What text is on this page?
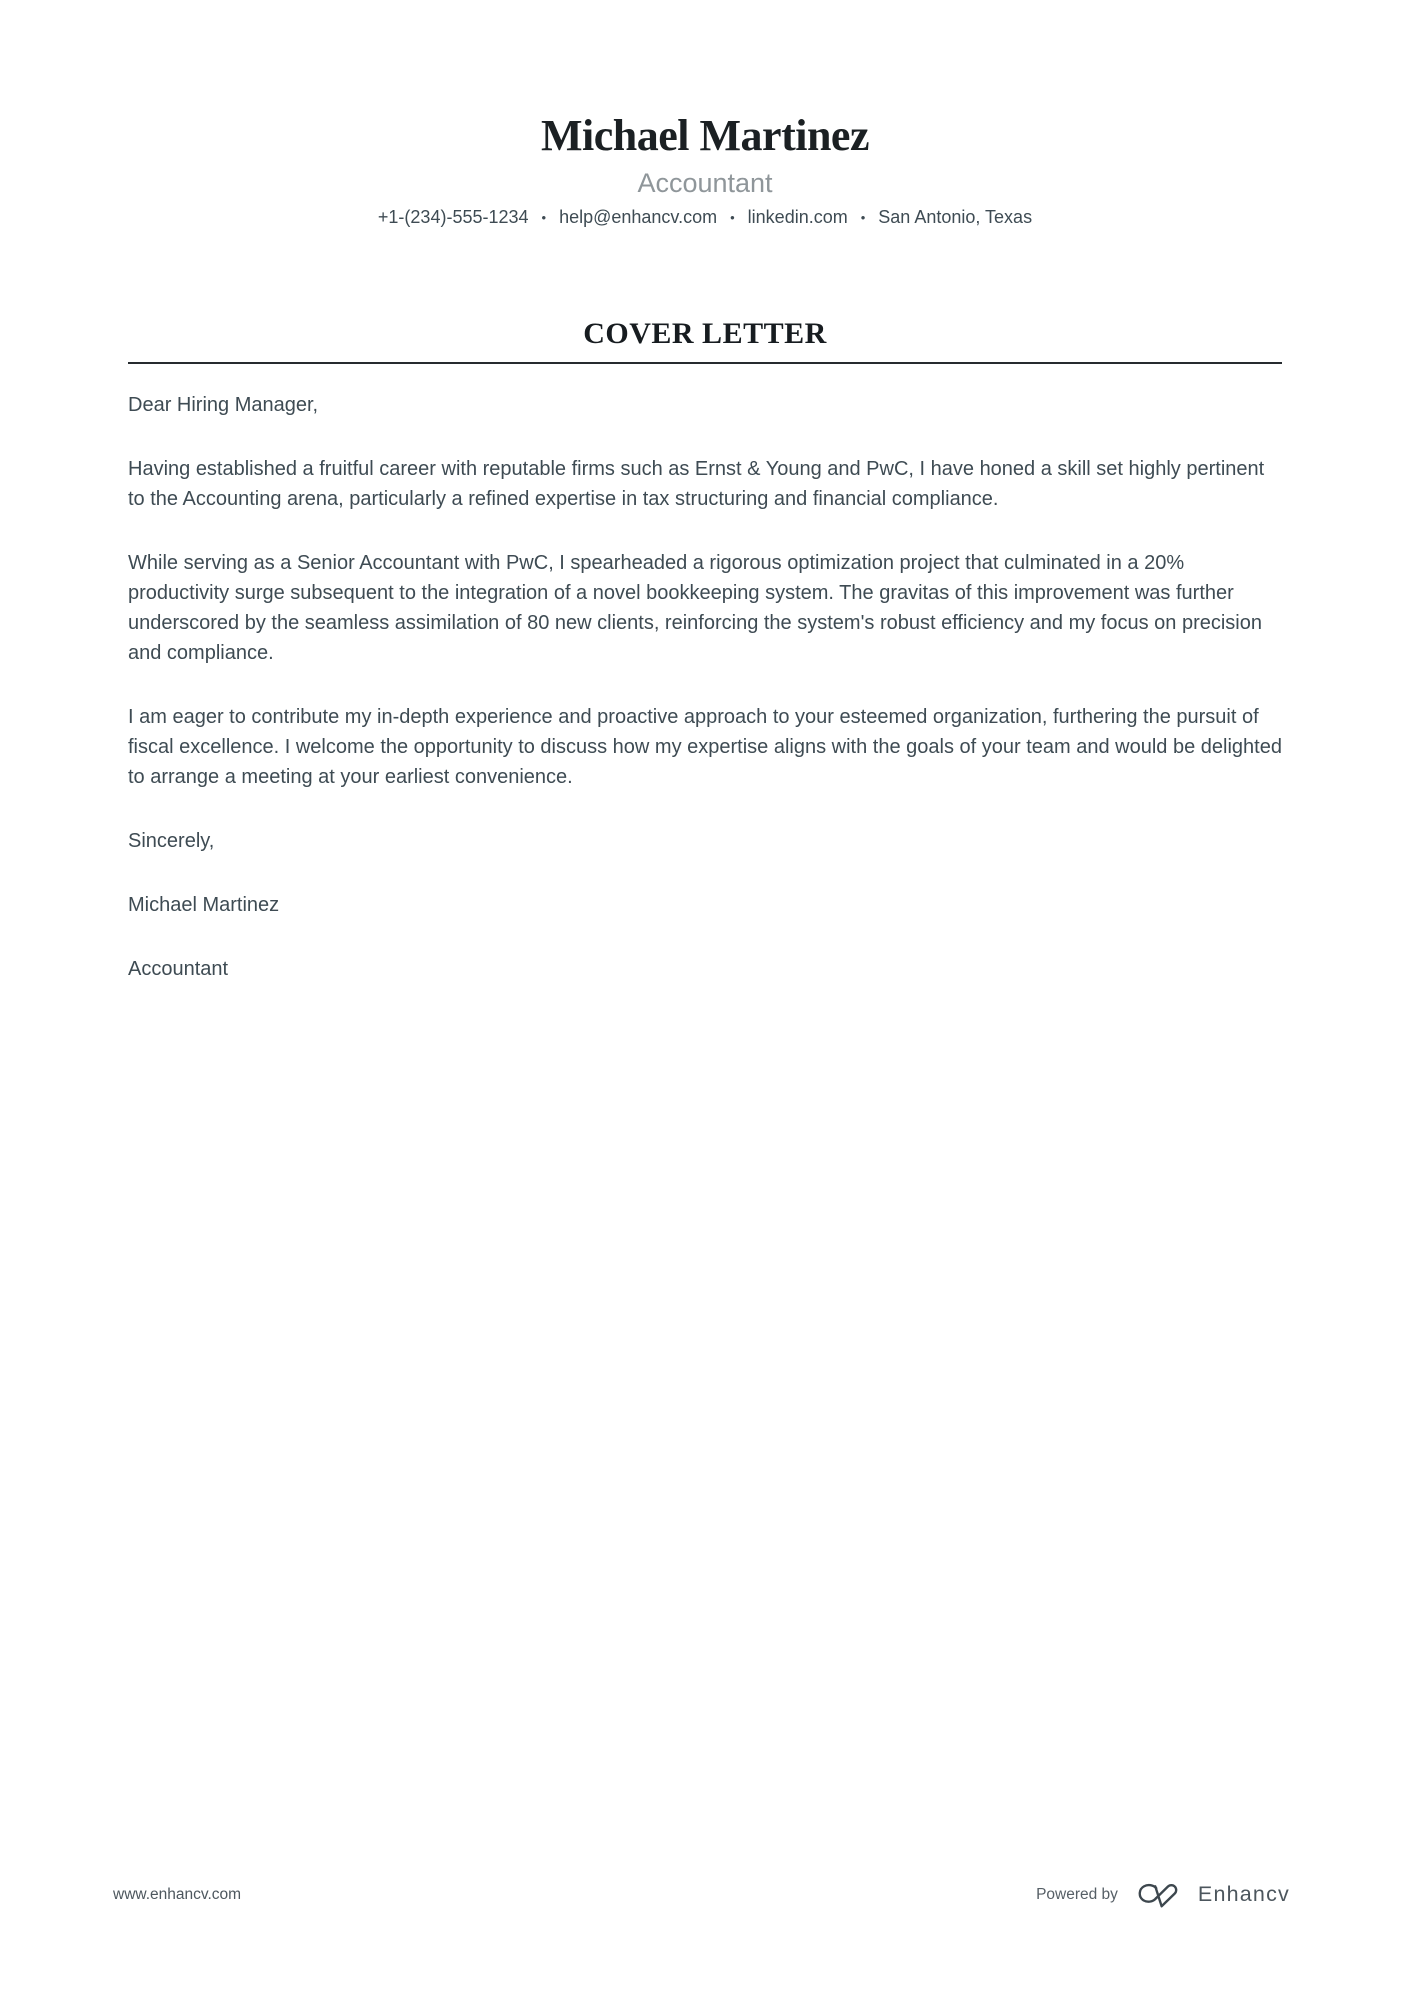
Michael Martinez
Accountant
+1-(234)-555-1234 • help@enhancv.com • linkedin.com • San Antonio, Texas
COVER LETTER

Dear Hiring Manager,

Having established a fruitful career with reputable firms such as Ernst & Young and PwC, I have honed a skill set highly pertinent to the Accounting arena, particularly a refined expertise in tax structuring and financial compliance.

While serving as a Senior Accountant with PwC, I spearheaded a rigorous optimization project that culminated in a 20% productivity surge subsequent to the integration of a novel bookkeeping system. The gravitas of this improvement was further underscored by the seamless assimilation of 80 new clients, reinforcing the system's robust efficiency and my focus on precision and compliance.

I am eager to contribute my in-depth experience and proactive approach to your esteemed organization, furthering the pursuit of fiscal excellence. I welcome the opportunity to discuss how my expertise aligns with the goals of your team and would be delighted to arrange a meeting at your earliest convenience.

Sincerely,

Michael Martinez

Accountant

www.enhancv.com	Powered by	Enhancv
